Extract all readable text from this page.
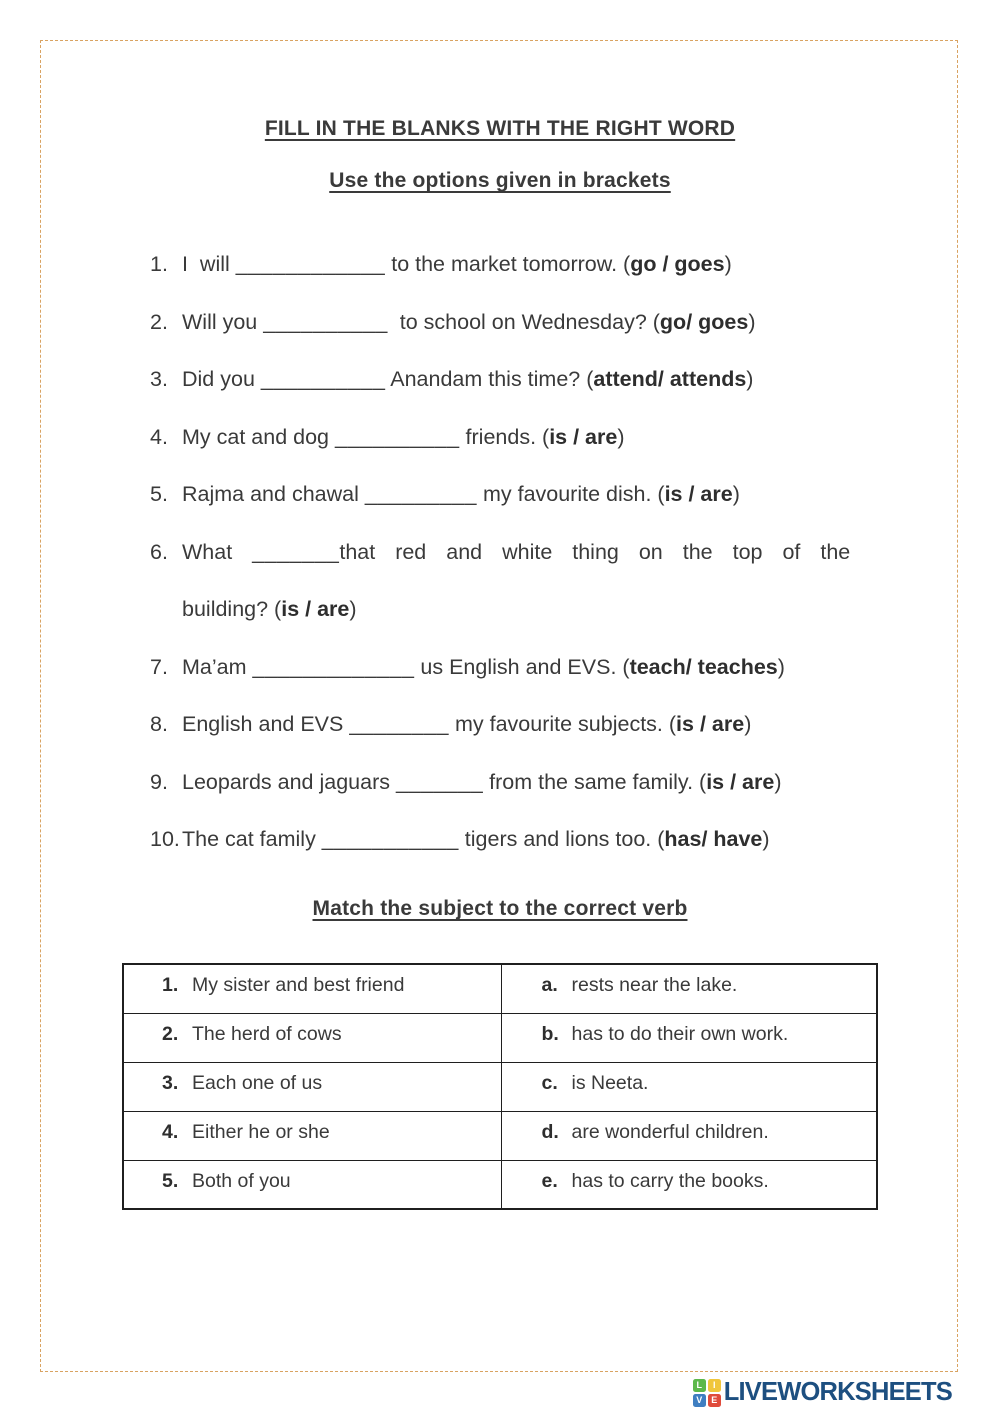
FILL IN THE BLANKS WITH THE RIGHT WORD
Use the options given in brackets
1. I  will ____________ to the market tomorrow. (go / goes)
2. Will you __________  to school on Wednesday? (go/ goes)
3. Did you __________ Anandam this time? (attend/ attends)
4. My cat and dog __________ friends. (is / are)
5. Rajma and chawal _________ my favourite dish. (is / are)
6. What _______that red and white thing on the top of the
building? (is / are)
7. Ma’am _____________ us English and EVS. (teach/ teaches)
8. English and EVS ________ my favourite subjects. (is / are)
9. Leopards and jaguars _______ from the same family. (is / are)
10. The cat family ___________ tigers and lions too. (has/ have)
Match the subject to the correct verb
1. My sister and best friend	a. rests near the lake.
2. The herd of cows	b. has to do their own work.
3. Each one of us	c. is Neeta.
4. Either he or she	d. are wonderful children.
5. Both of you	e. has to carry the books.
L	I
V E LIVEWORKSHEETS
